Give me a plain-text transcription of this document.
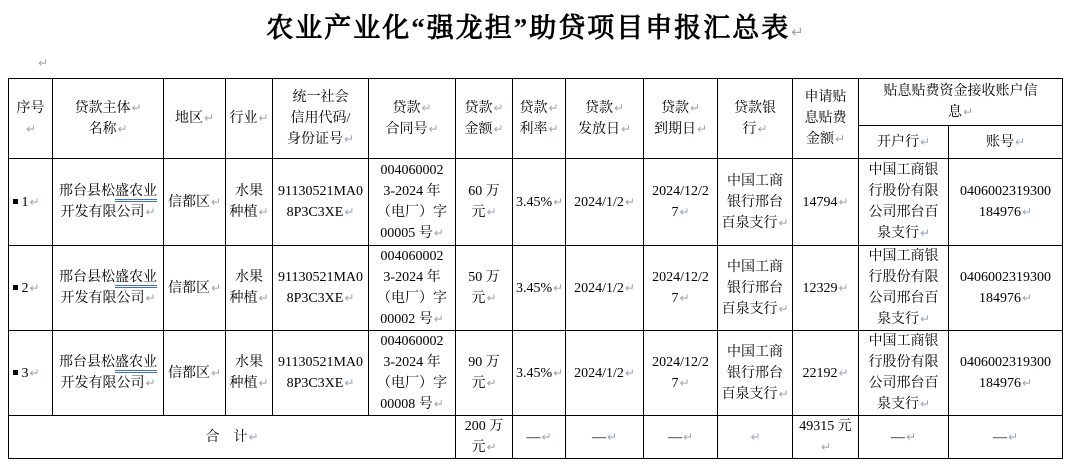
农业产业化“强龙担”助贷项目申报汇总表↵
↵
序号↵	贷款主体↵
名称↵	地区↵	行业↵	统一社会
信用代码/
身份证号↵	贷款↵
合同号↵	贷款↵
金额↵	贷款↵
利率↵	贷款↵
发放日↵	贷款↵
到期日↵	贷款银
行↵	申请贴
息贴费
金额↵	贴息贴费资金接收账户信
息↵	
												开户行↵	账号↵

1↵	邢台县松盛农业
开发有限公司↵	信都区↵	水果
种植↵	91130521MA0
8P3C3XE↵	004060002
3-2024 年
（电厂）字
00005 号↵	60 万
元↵	3.45%↵	2024/1/2↵	2024/12/2
7↵	中国工商
银行邢台
百泉支行↵	14794↵	中国工商银
行股份有限
公司邢台百
泉支行↵	0406002319300
184976↵

2↵	邢台县松盛农业
开发有限公司↵	信都区↵	水果
种植↵	91130521MA0
8P3C3XE↵	004060002
3-2024 年
（电厂）字
00002 号↵	50 万
元↵	3.45%↵	2024/1/2↵	2024/12/2
7↵	中国工商
银行邢台
百泉支行↵	12329↵	中国工商银
行股份有限
公司邢台百
泉支行↵	0406002319300
184976↵

3↵	邢台县松盛农业
开发有限公司↵	信都区↵	水果
种植↵	91130521MA0
8P3C3XE↵	004060002
3-2024 年
（电厂）字
00008 号↵	90 万
元↵	3.45%↵	2024/1/2↵	2024/12/2
7↵	中国工商
银行邢台
百泉支行↵	22192↵	中国工商银
行股份有限
公司邢台百
泉支行↵	0406002319300
184976↵
合　计↵						200 万
元↵	—↵	—↵	—↵	↵	49315 元↵	—↵	—↵
